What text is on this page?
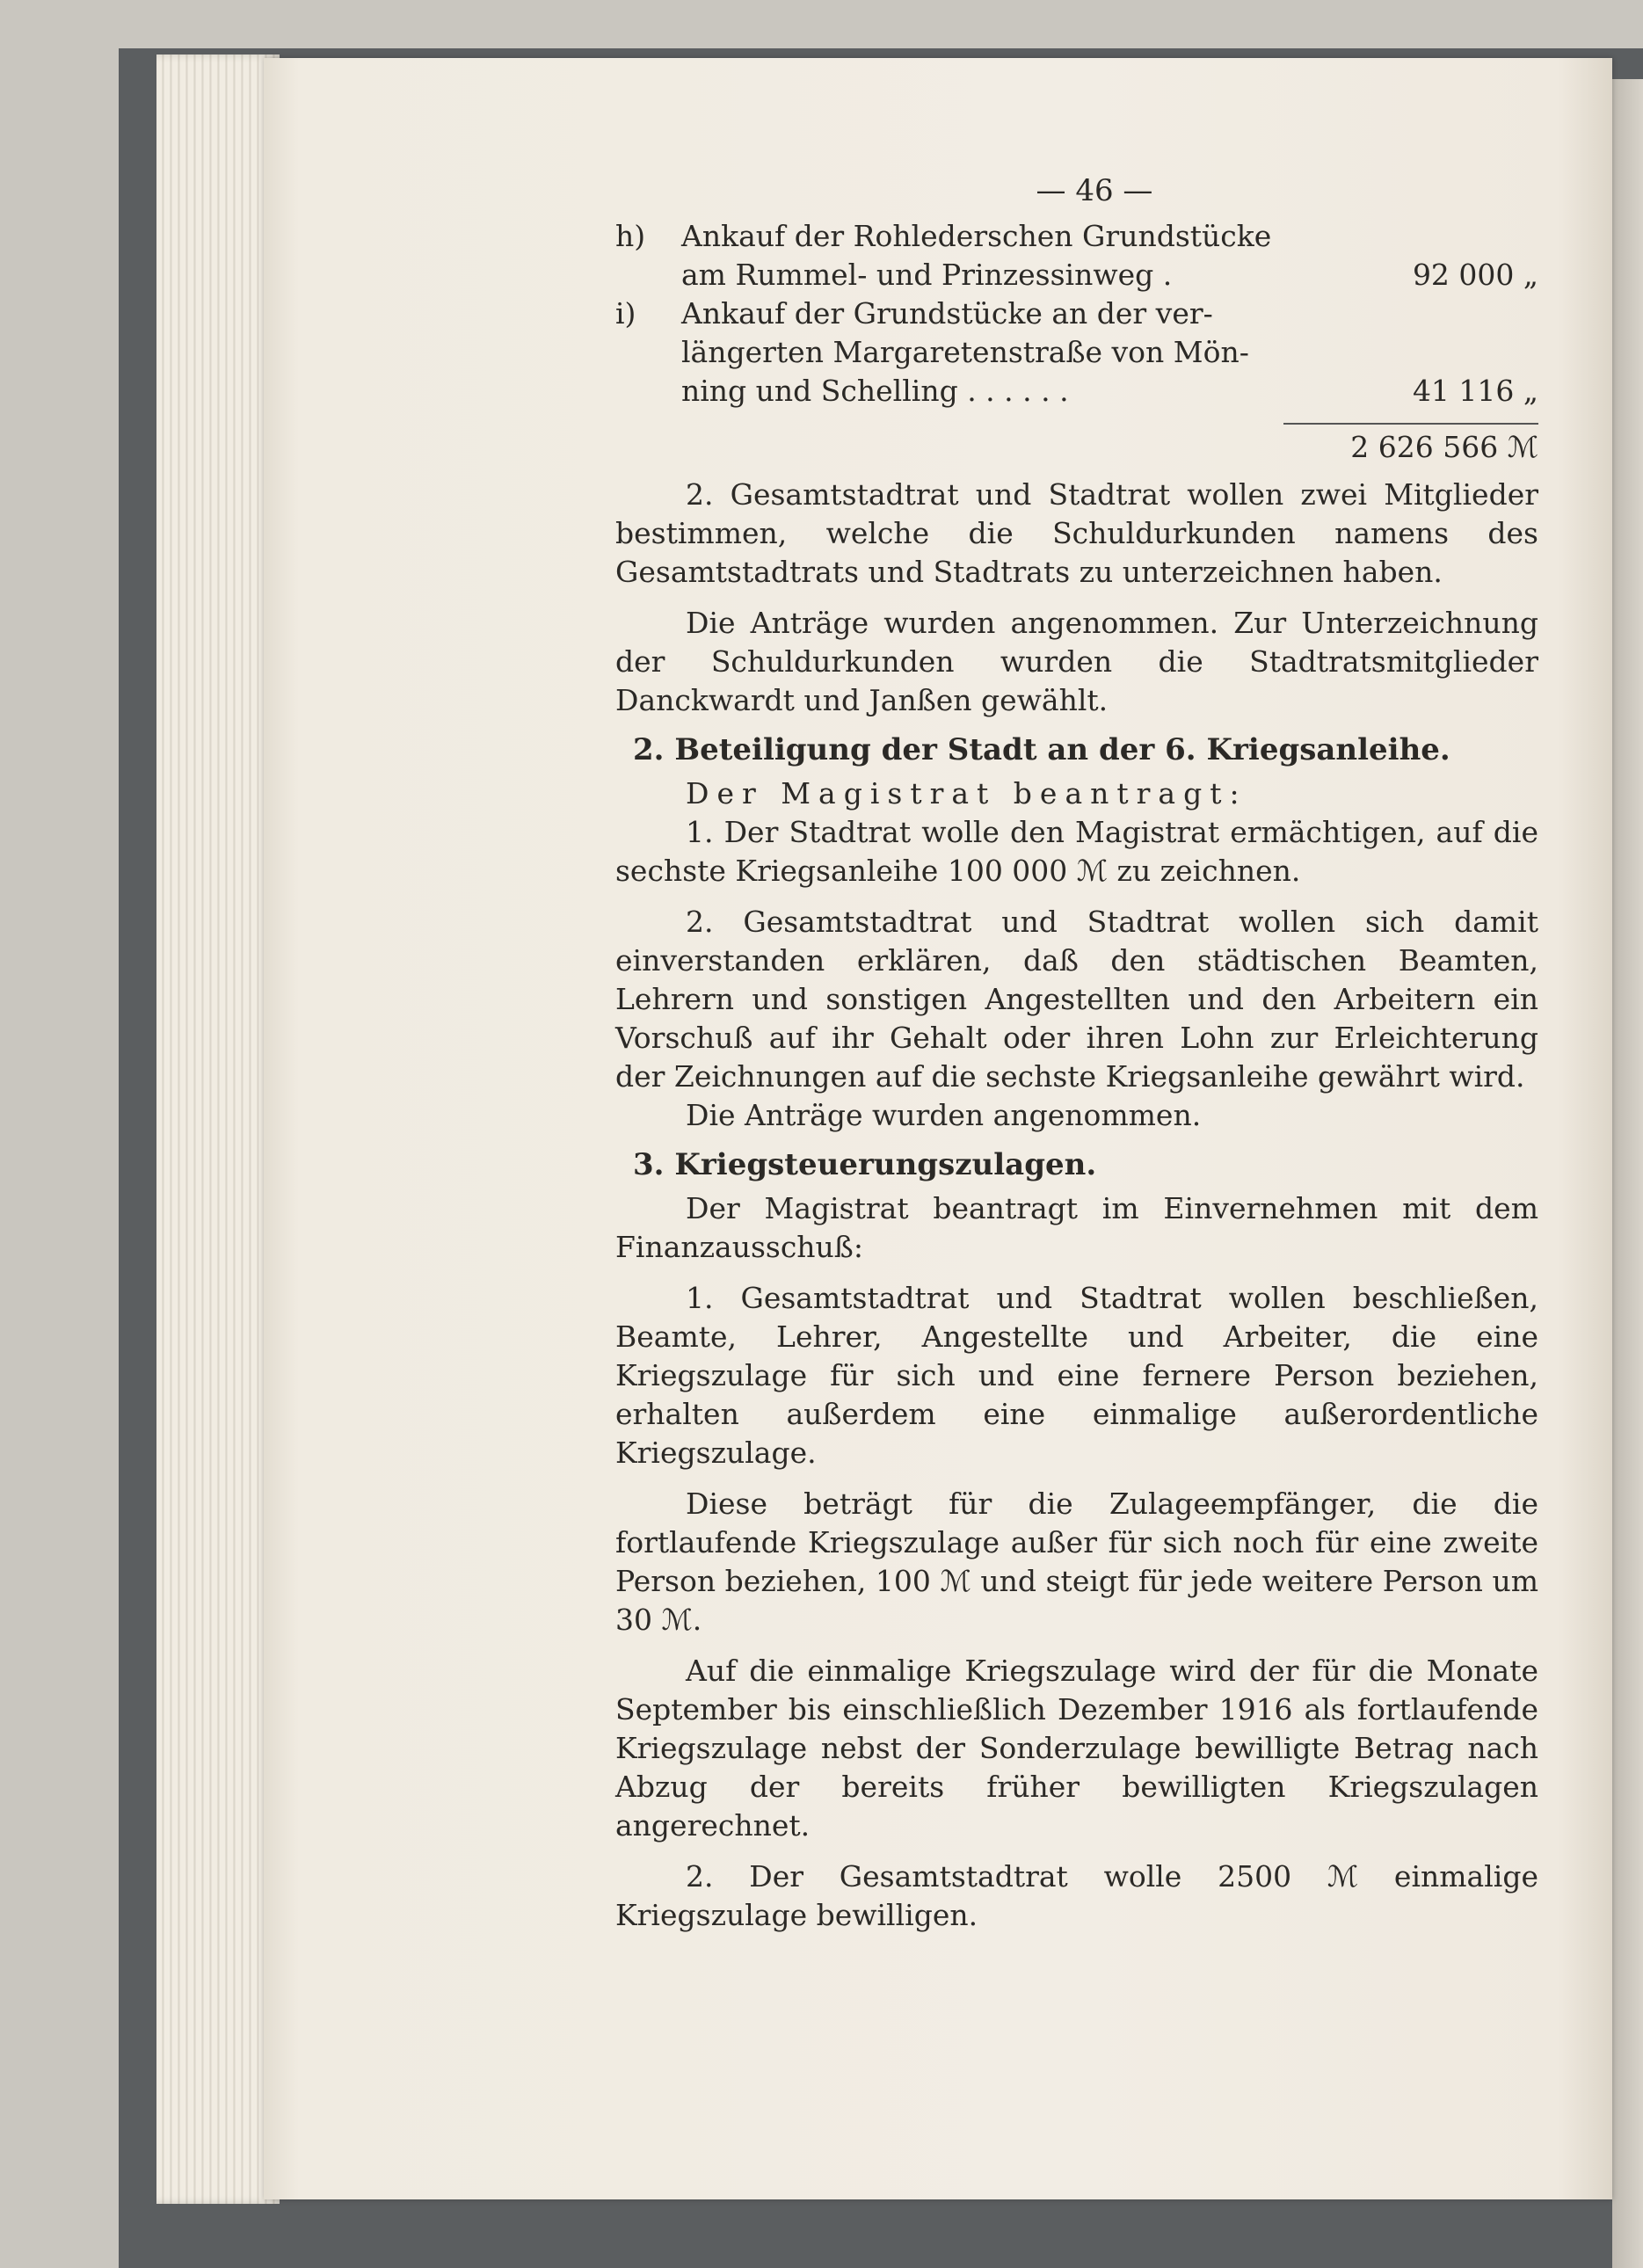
— 46 —
h)	Ankauf der Rohlederschen Grundstücke
am Rummel- und Prinzessinweg .	92 000 „
i)	Ankauf der Grundstücke an der ver-
längerten Margaretenstraße von Mön-
ning und Schelling . . . . . .	41 116 „
2 626 566 ℳ

2. Gesamtstadtrat und Stadtrat wollen zwei Mitglieder bestimmen, welche die Schuldurkunden namens des Gesamtstadtrats und Stadtrats zu unterzeichnen haben.

Die Anträge wurden angenommen. Zur Unterzeichnung der Schuldurkunden wurden die Stadtratsmitglieder Danckwardt und Janßen gewählt.

2. Beteiligung der Stadt an der 6. Kriegsanleihe.

Der Magistrat beantragt:

1. Der Stadtrat wolle den Magistrat ermächtigen, auf die sechste Kriegsanleihe 100 000 ℳ zu zeichnen.

2. Gesamtstadtrat und Stadtrat wollen sich damit einverstanden erklären, daß den städtischen Beamten, Lehrern und sonstigen Angestellten und den Arbeitern ein Vorschuß auf ihr Gehalt oder ihren Lohn zur Erleichterung der Zeichnungen auf die sechste Kriegsanleihe gewährt wird.

Die Anträge wurden angenommen.

3. Kriegsteuerungszulagen.

Der Magistrat beantragt im Einvernehmen mit dem Finanzausschuß:

1. Gesamtstadtrat und Stadtrat wollen beschließen, Beamte, Lehrer, Angestellte und Arbeiter, die eine Kriegszulage für sich und eine fernere Person beziehen, erhalten außerdem eine einmalige außerordentliche Kriegszulage.

Diese beträgt für die Zulageempfänger, die die fortlaufende Kriegszulage außer für sich noch für eine zweite Person beziehen, 100 ℳ und steigt für jede weitere Person um 30 ℳ.

Auf die einmalige Kriegszulage wird der für die Monate September bis einschließlich Dezember 1916 als fortlaufende Kriegszulage nebst der Sonderzulage bewilligte Betrag nach Abzug der bereits früher bewilligten Kriegszulagen angerechnet.

2. Der Gesamtstadtrat wolle 2500 ℳ einmalige Kriegszulage bewilligen.
